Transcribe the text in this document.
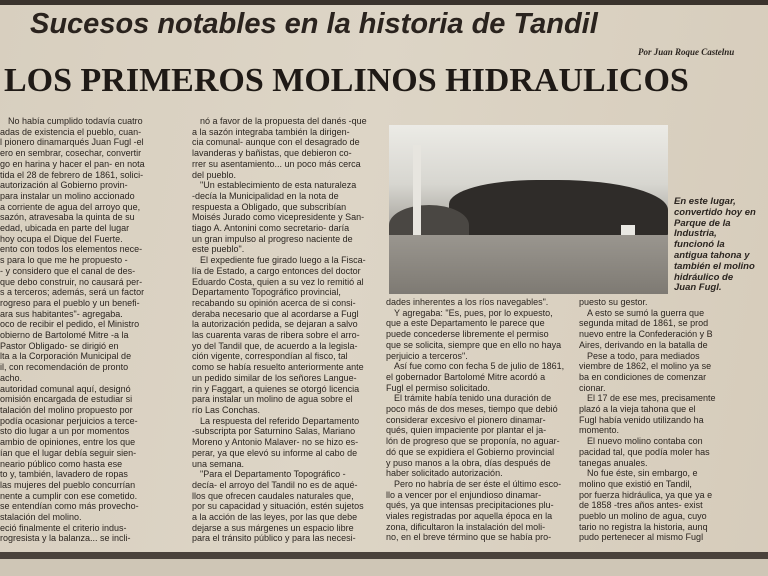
Sucesos notables en la historia de Tandil
Por Juan Roque Castelnu
LOS PRIMEROS MOLINOS HIDRAULICOS
No había cumplido todavía cuatro
adas de existencia el pueblo, cuan-
l pionero dinamarqués Juan Fugl -el
ero en sembrar, cosechar, convertir
go en harina y hacer el pan- en nota
tida el 28 de febrero de 1861, solici-
autorización al Gobierno provin-
para instalar un molino accionado
a corriente de agua del arroyo que,
sazón, atravesaba la quinta de su
edad, ubicada en parte del lugar
hoy ocupa el Dique del Fuerte.
ento con todos los elementos nece-
s para lo que me he propuesto -
- y considero que el canal de des-
que debo construir, no causará per-
s a terceros; además, será un factor
rogreso para el pueblo y un benefi-
ara sus habitantes"- agregaba.
oco de recibir el pedido, el Ministro
obierno de Bartolomé Mitre -a la
Pastor Obligado- se dirigió en
lta a la Corporación Municipal de
il, con recomendación de pronto
acho.
autoridad comunal aquí, designó
omisión encargada de estudiar si
talación del molino propuesto por
podía ocasionar perjuicios a terce-
sto dio lugar a un por momentos
ambio de opiniones, entre los que
ían que el lugar debía seguir sien-
neario público como hasta ese
to y, también, lavadero de ropas
las mujeres del pueblo concurrían
nente a cumplir con ese cometido.
se entendían como más provecho-
stalación del molino.
eció finalmente el criterio indus-
rogresista y la balanza... se incli-
nó a favor de la propuesta del danés -que
a la sazón integraba también la dirigen-
cia comunal- aunque con el desagrado de
lavanderas y bañistas, que debieron co-
rrer su asentamiento... un poco más cerca
del pueblo.
"Un establecimiento de esta naturaleza
-decía la Municipalidad en la nota de
respuesta a Obligado, que subscribían
Moisés Jurado como vicepresidente y San-
tiago A. Antonini como secretario- daría
un gran impulso al progreso naciente de
este pueblo".
El expediente fue girado luego a la Fisca-
lía de Estado, a cargo entonces del doctor
Eduardo Costa, quien a su vez lo remitió al
Departamento Topográfico provincial,
recabando su opinión acerca de si consi-
deraba necesario que al acordarse a Fugl
la autorización pedida, se dejaran a salvo
las cuarenta varas de ribera sobre el arro-
yo del Tandil que, de acuerdo a la legisla-
ción vigente, correspondían al fisco, tal
como se había resuelto anteriormente ante
un pedido similar de los señores Langue-
rin y Faggart, a quienes se otorgó licencia
para instalar un molino de agua sobre el
río Las Conchas.
La respuesta del referido Departamento
-subscripta por Saturnino Salas, Mariano
Moreno y Antonio Malaver- no se hizo es-
perar, ya que elevó su informe al cabo de
una semana.
"Para el Departamento Topográfico -
decía- el arroyo del Tandil no es de aqué-
llos que ofrecen caudales naturales que,
por su capacidad y situación, estén sujetos
a la acción de las leyes, por las que debe
dejarse a sus márgenes un espacio libre
para el tránsito público y para las necesi-
En este lugar,
convertido hoy en
Parque de la
Industria,
funcionó la
antigua tahona y
también el molino
hidráulico de
Juan Fugl.
dades inherentes a los ríos navegables".
Y agregaba: "Es, pues, por lo expuesto,
que a este Departamento le parece que
puede concederse libremente el permiso
que se solicita, siempre que en ello no haya
perjuicio a terceros".
Así fue como con fecha 5 de julio de 1861,
el gobernador Bartolomé Mitre acordó a
Fugl el permiso solicitado.
El trámite había tenido una duración de
poco más de dos meses, tiempo que debió
considerar excesivo el pionero dinamar-
qués, quien impaciente por plantar el ja-
lón de progreso que se proponía, no aguar-
dó que se expidiera el Gobierno provincial
y puso manos a la obra, días después de
haber solicitado autorización.
Pero no habría de ser éste el último esco-
llo a vencer por el enjundioso dinamar-
qués, ya que intensas precipitaciones plu-
viales registradas por aquella época en la
zona, dificultaron la instalación del moli-
no, en el breve término que se había pro-
puesto su gestor.
A esto se sumó la guerra que
segunda mitad de 1861, se prod
nuevo entre la Confederación y B
Aires, derivando en la batalla de
Pese a todo, para mediados
viembre de 1862, el molino ya se
ba en condiciones de comenzar
cionar.
El 17 de ese mes, precisamente
plazó a la vieja tahona que el
Fugl había venido utilizando ha
momento.
El nuevo molino contaba con
pacidad tal, que podía moler has
tanegas anuales.
No fue éste, sin embargo, e
molino que existió en Tandil,
por fuerza hidráulica, ya que ya e
de 1858 -tres años antes- exist
pueblo un molino de agua, cuyo
tario no registra la historia, aunq
pudo pertenecer al mismo Fugl
